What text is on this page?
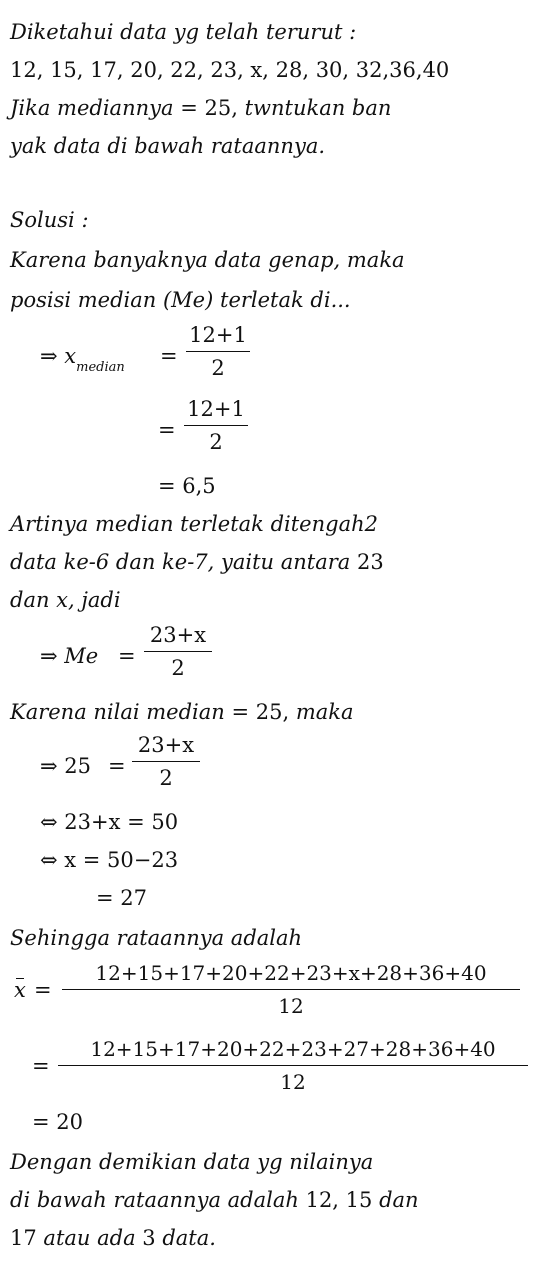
Diketahui data yg telah terurut :
12, 15, 17, 20, 22, 23, x, 28, 30, 32,36,40
Jika mediannya = 25, twntukan ban
yak data di bawah rataannya.
Solusi :
Karena banyaknya data genap, maka
posisi median (Me) terletak di...
⇒ $x_{median}$ =
12+1
2
=
12+1
2
= 6,5
Artinya median terletak ditengah2
data ke-6 dan ke-7, yaitu antara 23
dan x, jadi
⇒ Me =
23+x
2
Karena nilai median = 25, maka
⇒ 25 =
23+x
2
⇔ 23+x = 50
⇔ x = 50−23
= 27
Sehingga rataannya adalah
x =
12+15+17+20+22+23+x+28+36+40
12
=
12+15+17+20+22+23+27+28+36+40
12
= 20
Dengan demikian data yg nilainya
di bawah rataannya adalah 12, 15 dan
17 atau ada 3 data.
